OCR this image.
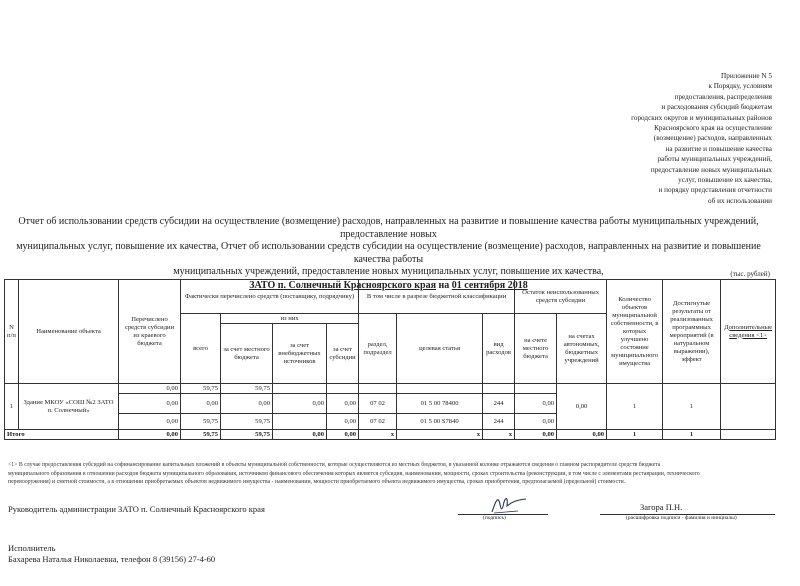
Приложение N 5
к Порядку, условиям
предоставления, распределения
и расходования субсидий бюджетам
городских округов и муниципальных районов
Красноярского края на осуществление
(возмещение) расходов, направленных
на развитие и повышение качества
работы муниципальных учреждений,
предоставление новых муниципальных
услуг, повышение их качества,
и порядку представления отчетности
об их использовании
Отчет об использовании средств субсидии на осуществление (возмещение) расходов, направленных на развитие и повышение качества работы муниципальных учреждений, предоставление новых
муниципальных услуг, повышение их качества, Отчет об использовании средств субсидии на осуществление (возмещение) расходов, направленных на развитие и повышение качества работы
муниципальных учреждений, предоставление новых муниципальных услуг, повышение их качества,
ЗАТО п. Солнечный Красноярского края на 01 сентября 2018
(тыс. рублей)
N п/п	Наименование объекта	Перечислено средств субсидии из краевого бюджета	Фактически перечислено средств (поставщику, подрядчику)				В том числе в разрезе бюджетной классификации			Остаток неиспользованных средств субсидии		Количество объектов муниципальной собственности, в которых улучшено состояние муниципального имущества	Достигнутые результаты от реализованных программных мероприятий (в натуральном выражении), эффект	Дополнительные сведения <1>
			всего	из них			раздел, подраздел	целевая статья	вид расходов	на счете местного бюджета	на счетах автономных, бюджетных учреждений			
				за счет местного бюджета	за счет внебюджетных источников	за счет субсидии								
1	Здание МКОУ «СОШ №2 ЗАТО п. Солнечный»	0,00	59,75	59,75							0,00	1	1	
		0,00	0,00	0,00	0,00	0,00	07 02	01 5 00 78400	244	0,00				
		0,00	59,75	59,75		0,00	07 02	01 5 00 S7840	244	0,00				
Итого		0,00	59,75	59,75	0,00	0,00	x	x	x	0,00	0,00	1	1	
<1> В случае предоставления субсидий на софинансирование капитальных вложений в объекты муниципальной собственности, которые осуществляются из местных бюджетов, в указанной колонке отражаются сведения о главном распорядителе средств бюджета
муниципального образования в отношении расходов бюджета муниципального образования, источником финансового обеспечения которых является субсидия, наименовании, мощности, сроках строительства (реконструкции, в том числе с элементами реставрации, технического
перевооружения) и сметной стоимости, а в отношении приобретаемых объектов недвижимого имущества - наименовании, мощности приобретаемого объекта недвижимого имущества, сроках приобретения, предполагаемой (предельной) стоимости.
Руководитель администрации ЗАТО п. Солнечный Красноярского края
(подпись)
Загора П.Н.
(расшифровка подписи - фамилия и инициалы)
Исполнитель
Бахарева Наталья Николаевна, телефон 8 (39156) 27-4-60
